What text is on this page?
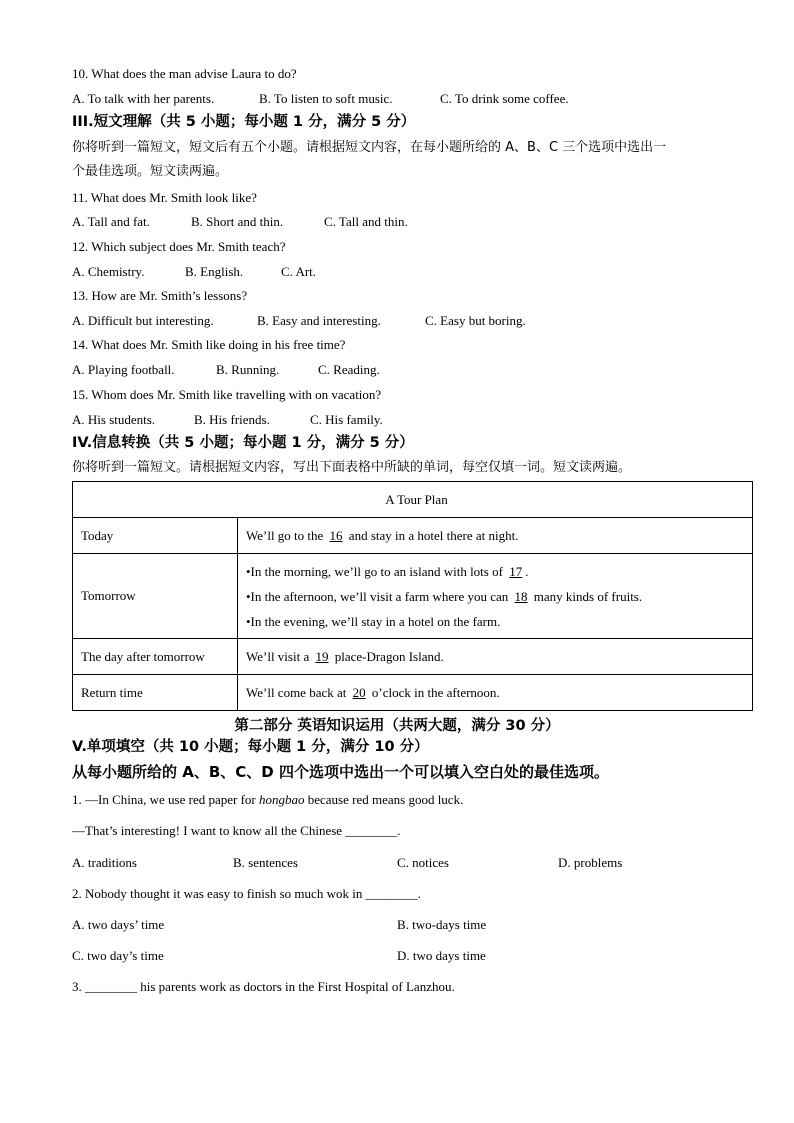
10. What does the man advise Laura to do?
A. To talk with her parents.	B. To listen to soft music.	C. To drink some coffee.
III.短文理解（共 5 小题；每小题 1 分，满分 5 分）
你将听到一篇短文，短文后有五个小题。请根据短文内容，在每小题所给的 A、B、C 三个选项中选出一
个最佳选项。短文读两遍。
11. What does Mr. Smith look like?
A. Tall and fat.	B. Short and thin.	C. Tall and thin.
12. Which subject does Mr. Smith teach?
A. Chemistry.	B. English.	C. Art.
13. How are Mr. Smith’s lessons?
A. Difficult but interesting.	B. Easy and interesting.	C. Easy but boring.
14. What does Mr. Smith like doing in his free time?
A. Playing football.	B. Running.	C. Reading.
15. Whom does Mr. Smith like travelling with on vacation?
A. His students.	B. His friends.	C. His family.
IV.信息转换（共 5 小题；每小题 1 分，满分 5 分）
你将听到一篇短文。请根据短文内容，写出下面表格中所缺的单词，每空仅填一词。短文读两遍。
A Tour Plan	
Today	We’ll go to the 16 and stay in a hotel there at night.
Tomorrow	•In the morning, we’ll go to an island with lots of 17 .
•In the afternoon, we’ll visit a farm where you can 18 many kinds of fruits.
•In the evening, we’ll stay in a hotel on the farm.

The day after tomorrow	We’ll visit a 19 place-Dragon Island.
Return time	We’ll come back at 20 o’clock in the afternoon.
第二部分 英语知识运用（共两大题，满分 30 分）
V.单项填空（共 10 小题；每小题 1 分，满分 10 分）
从每小题所给的 A、B、C、D 四个选项中选出一个可以填入空白处的最佳选项。
1. —In China, we use red paper for hongbao because red means good luck.
—That’s interesting! I want to know all the Chinese ________.
A. traditions	B. sentences	C. notices	D. problems
2. Nobody thought it was easy to finish so much wok in ________.
A. two days’ time	B. two-days time
C. two day’s time	D. two days time
3. ________ his parents work as doctors in the First Hospital of Lanzhou.
